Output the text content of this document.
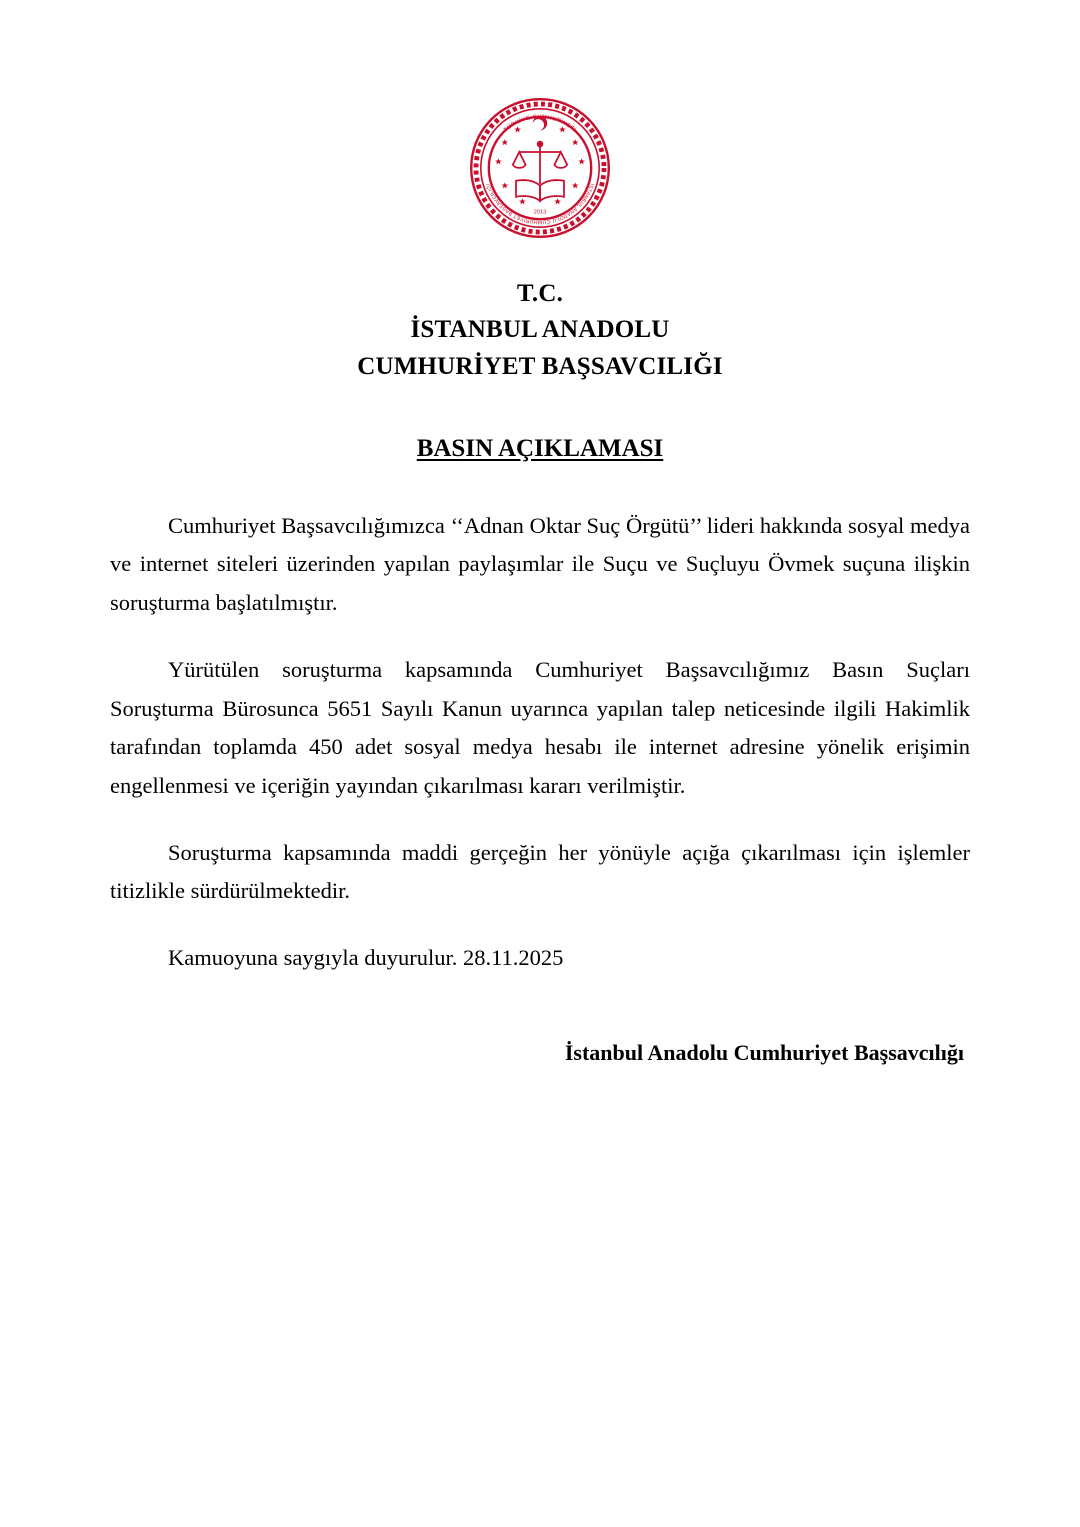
TÜRKİYE CUMHURİYETİ
İSTANBUL ANADOLU CUMHURİYET BAŞSAVCILIĞI
2013
T.C.
İSTANBUL ANADOLU
CUMHURİYET BAŞSAVCILIĞI
BASIN AÇIKLAMASI

Cumhuriyet Başsavcılığımızca ‘‘Adnan Oktar Suç Örgütü’’ lideri hakkında sosyal medya ve internet siteleri üzerinden yapılan paylaşımlar ile Suçu ve Suçluyu Övmek suçuna ilişkin soruşturma başlatılmıştır.

Yürütülen soruşturma kapsamında Cumhuriyet Başsavcılığımız Basın Suçları Soruşturma Bürosunca 5651 Sayılı Kanun uyarınca yapılan talep neticesinde ilgili Hakimlik tarafından toplamda 450 adet sosyal medya hesabı ile internet adresine yönelik erişimin engellenmesi ve içeriğin yayından çıkarılması kararı verilmiştir.

Soruşturma kapsamında maddi gerçeğin her yönüyle açığa çıkarılması için işlemler titizlikle sürdürülmektedir.

Kamuoyuna saygıyla duyurulur. 28.11.2025

İstanbul Anadolu Cumhuriyet Başsavcılığı
